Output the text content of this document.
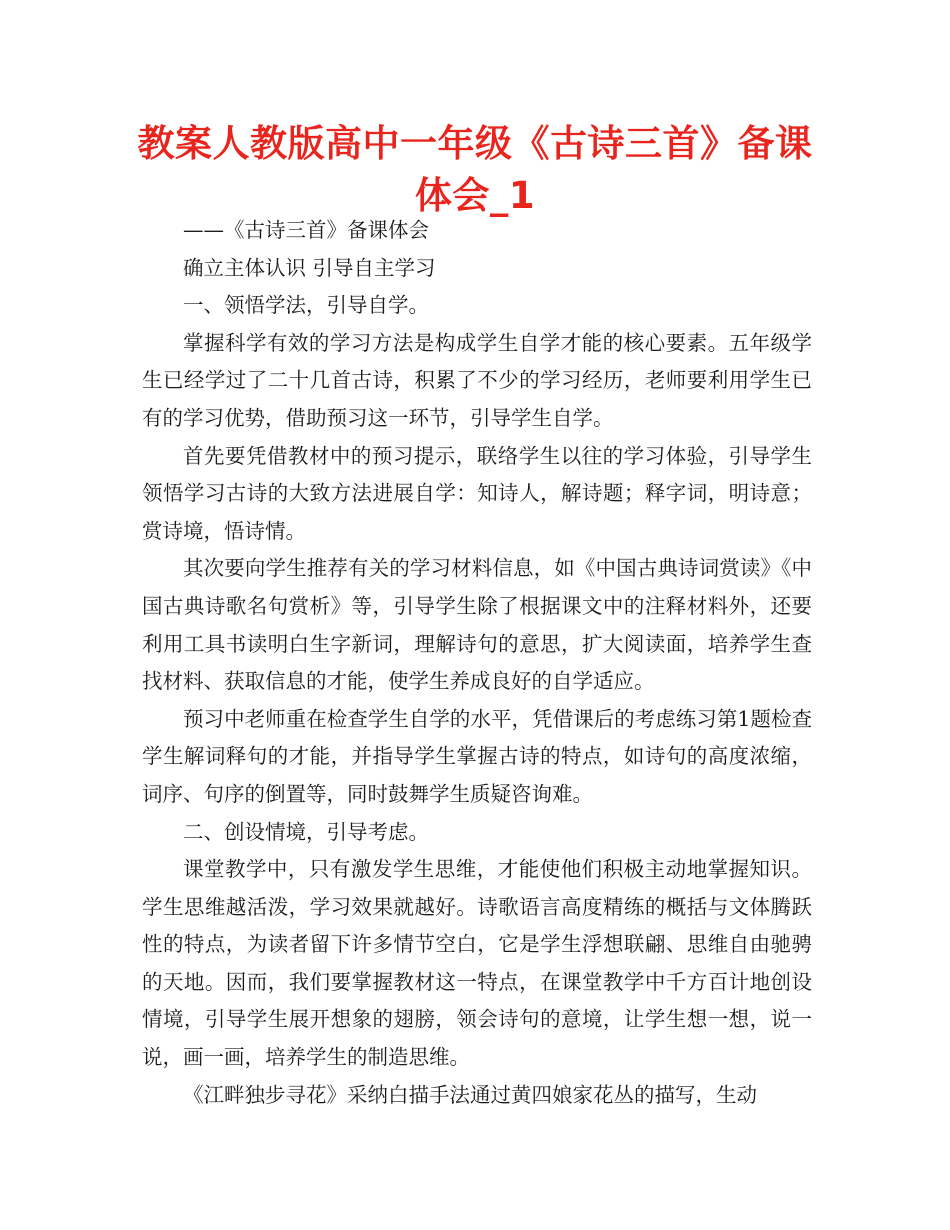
教案人教版高中一年级《古诗三首》备课体会_1

——《古诗三首》备课体会

确立主体认识 引导自主学习

一、领悟学法，引导自学。

掌握科学有效的学习方法是构成学生自学才能的核心要素。五年级学生已经学过了二十几首古诗，积累了不少的学习经历，老师要利用学生已有的学习优势，借助预习这一环节，引导学生自学。

首先要凭借教材中的预习提示，联络学生以往的学习体验，引导学生领悟学习古诗的大致方法进展自学：知诗人，解诗题；释字词，明诗意；赏诗境，悟诗情。

其次要向学生推荐有关的学习材料信息，如《中国古典诗词赏读》《中国古典诗歌名句赏析》等，引导学生除了根据课文中的注释材料外，还要利用工具书读明白生字新词，理解诗句的意思，扩大阅读面，培养学生查找材料、获取信息的才能，使学生养成良好的自学适应。

预习中老师重在检查学生自学的水平，凭借课后的考虑练习第1题检查学生解词释句的才能，并指导学生掌握古诗的特点，如诗句的高度浓缩，词序、句序的倒置等，同时鼓舞学生质疑咨询难。

二、创设情境，引导考虑。

课堂教学中，只有激发学生思维，才能使他们积极主动地掌握知识。学生思维越活泼，学习效果就越好。诗歌语言高度精练的概括与文体腾跃性的特点，为读者留下许多情节空白，它是学生浮想联翩、思维自由驰骋的天地。因而，我们要掌握教材这一特点，在课堂教学中千方百计地创设情境，引导学生展开想象的翅膀，领会诗句的意境，让学生想一想，说一说，画一画，培养学生的制造思维。

《江畔独步寻花》采纳白描手法通过黄四娘家花丛的描写，生动
